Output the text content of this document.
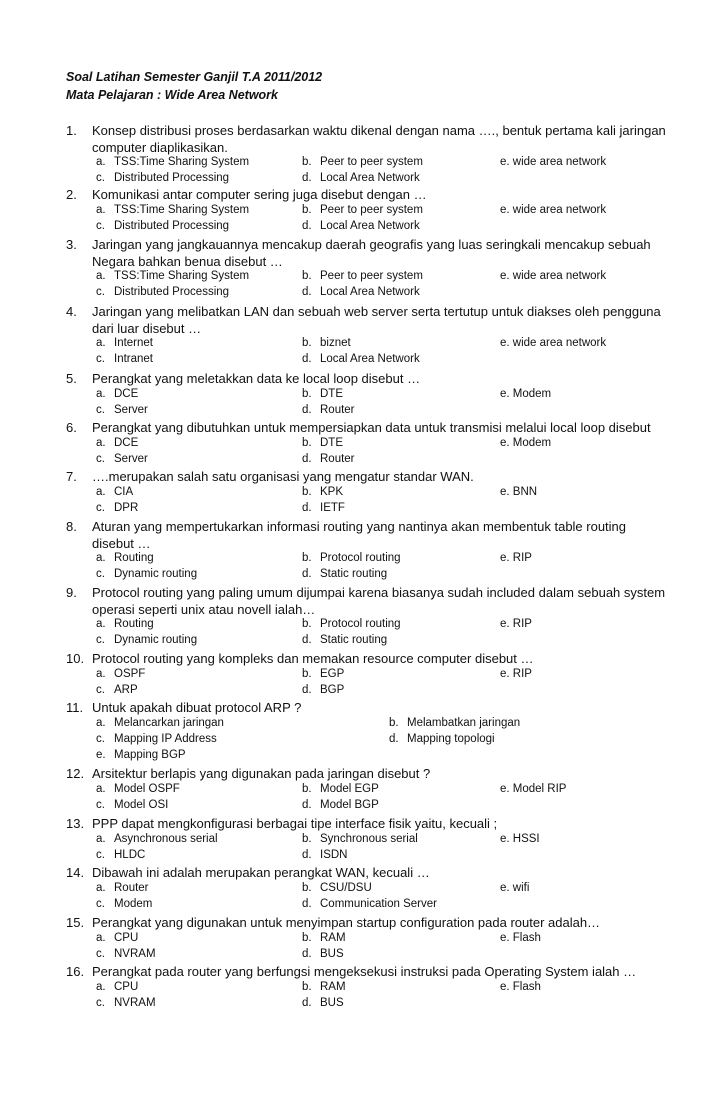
Soal Latihan Semester Ganjil T.A 2011/2012
Mata Pelajaran : Wide Area Network
1. Konsep distribusi proses berdasarkan waktu dikenal dengan nama …., bentuk pertama kali jaringan computer diaplikasikan.
a. TSS:Time Sharing System	b. Peer to peer system	e. wide area network
c. Distributed Processing	d. Local Area Network
2. Komunikasi antar computer sering juga disebut dengan …
a. TSS:Time Sharing System	b. Peer to peer system	e. wide area network
c. Distributed Processing	d. Local Area Network
3. Jaringan yang jangkauannya mencakup daerah geografis yang luas seringkali mencakup sebuah Negara bahkan benua disebut …
a. TSS:Time Sharing System	b. Peer to peer system	e. wide area network
c. Distributed Processing	d. Local Area Network
4. Jaringan yang melibatkan LAN dan sebuah web server serta tertutup untuk diakses oleh pengguna dari luar disebut …
a. Internet	b. biznet	e. wide area network
c. Intranet	d. Local Area Network
5. Perangkat yang meletakkan data ke local loop disebut …
a. DCE	b. DTE	e. Modem
c. Server	d. Router
6. Perangkat yang dibutuhkan untuk mempersiapkan data untuk transmisi melalui local loop disebut
a. DCE	b. DTE	e. Modem
c. Server	d. Router
7. ….merupakan salah satu organisasi yang mengatur standar WAN.
a. CIA	b. KPK	e. BNN
c. DPR	d. IETF
8. Aturan yang mempertukarkan informasi routing yang nantinya akan membentuk table routing disebut …
a. Routing	b. Protocol routing	e. RIP
c. Dynamic routing	d. Static routing
9. Protocol routing yang paling umum dijumpai karena biasanya sudah included dalam sebuah system operasi seperti unix atau novell ialah…
a. Routing	b. Protocol routing	e. RIP
c. Dynamic routing	d. Static routing
10. Protocol routing yang kompleks dan memakan resource computer disebut …
a. OSPF	b. EGP	e. RIP
c. ARP	d. BGP
11. Untuk apakah dibuat protocol ARP ?
a. Melancarkan jaringan	b. Melambatkan jaringan
c. Mapping IP Address	d. Mapping topologi
e. Mapping BGP
12. Arsitektur berlapis yang digunakan pada jaringan disebut ?
a. Model OSPF	b. Model EGP	e. Model RIP
c. Model OSI	d. Model BGP
13. PPP dapat mengkonfigurasi berbagai tipe interface fisik yaitu, kecuali ;
a. Asynchronous serial	b. Synchronous serial	e. HSSI
c. HLDC	d. ISDN
14. Dibawah ini adalah merupakan perangkat WAN, kecuali …
a. Router	b. CSU/DSU	e. wifi
c. Modem	d. Communication Server
15. Perangkat yang digunakan untuk menyimpan startup configuration pada router adalah…
a. CPU	b. RAM	e. Flash
c. NVRAM	d. BUS
16. Perangkat pada router yang berfungsi mengeksekusi instruksi pada Operating System ialah …
a. CPU	b. RAM	e. Flash
c. NVRAM	d. BUS
